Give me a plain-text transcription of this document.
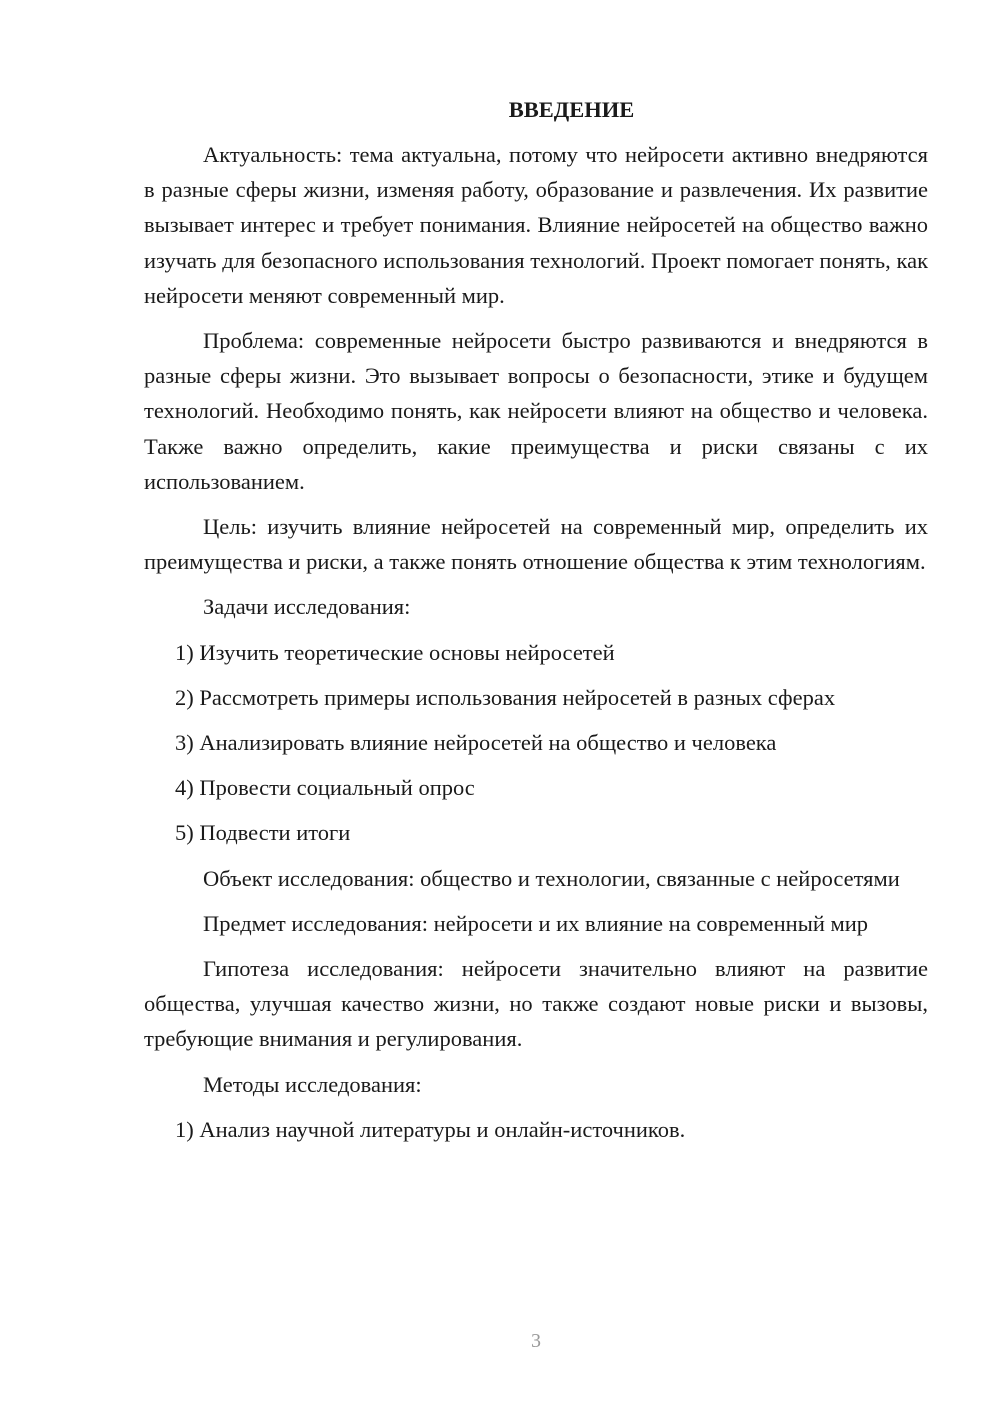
ВВЕДЕНИЕ

Актуальность: тема актуальна, потому что нейросети активно внедряются в разные сферы жизни, изменяя работу, образование и развлечения. Их развитие вызывает интерес и требует понимания. Влияние нейросетей на общество важно изучать для безопасного использования технологий. Проект помогает понять, как нейросети меняют современный мир.

Проблема: современные нейросети быстро развиваются и внедряются в разные сферы жизни. Это вызывает вопросы о безопасности, этике и будущем технологий. Необходимо понять, как нейросети влияют на общество и человека. Также важно определить, какие преимущества и риски связаны с их использованием.

Цель: изучить влияние нейросетей на современный мир, определить их преимущества и риски, а также понять отношение общества к этим технологиям.

Задачи исследования:

1) Изучить теоретические основы нейросетей

2) Рассмотреть примеры использования нейросетей в разных сферах

3) Анализировать влияние нейросетей на общество и человека

4) Провести социальный опрос

5) Подвести итоги

Объект исследования: общество и технологии, связанные с нейросетями

Предмет исследования: нейросети и их влияние на современный мир

Гипотеза исследования: нейросети значительно влияют на развитие общества, улучшая качество жизни, но также создают новые риски и вызовы, требующие внимания и регулирования.

Методы исследования:

1) Анализ научной литературы и онлайн-источников.

3
